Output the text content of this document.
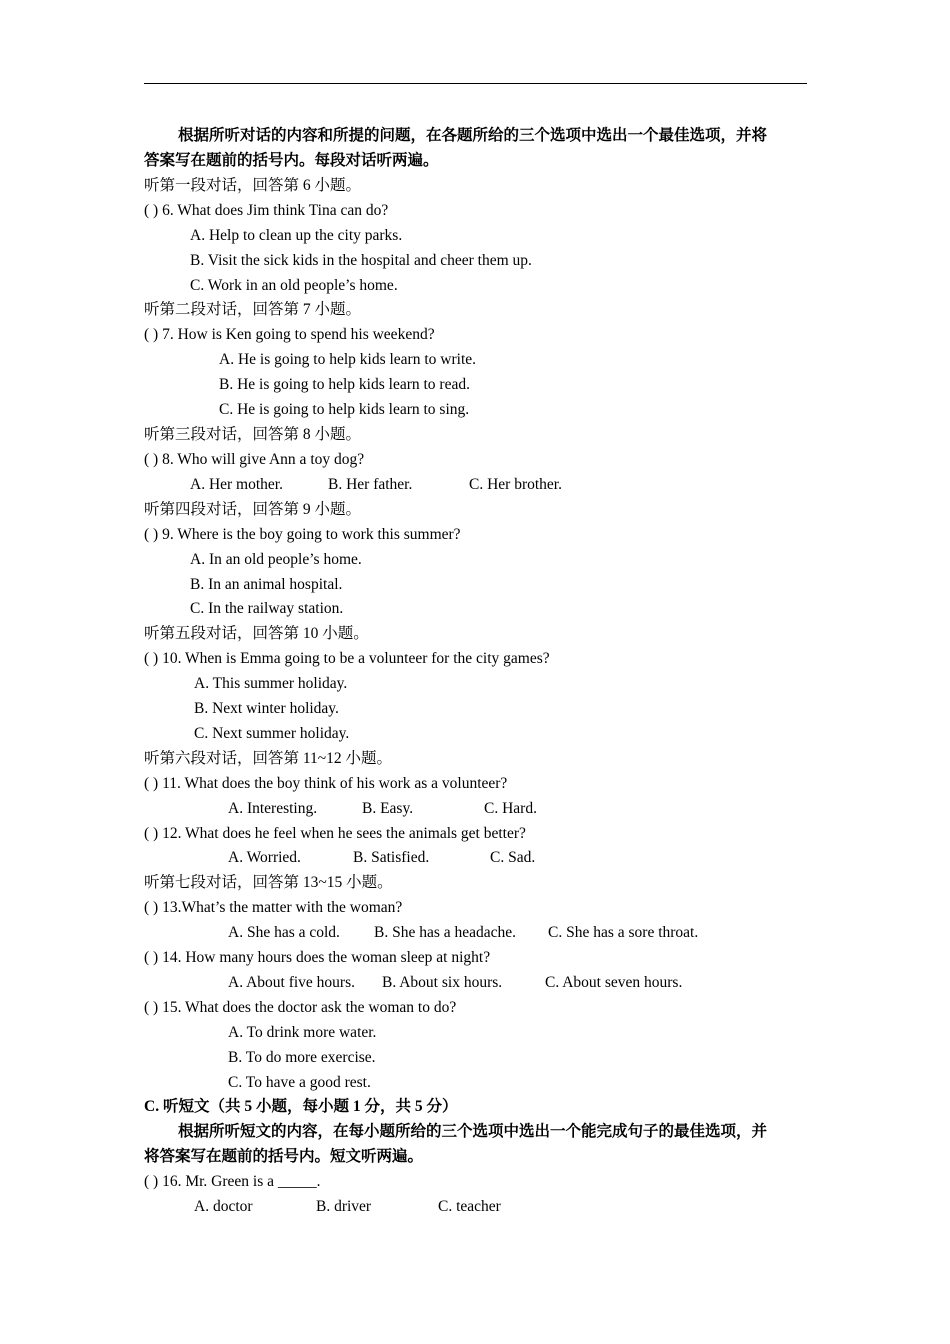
根据所听对话的内容和所提的问题，在各题所给的三个选项中选出一个最佳选项，并将
答案写在题前的括号内。每段对话听两遍。
听第一段对话，回答第 6 小题。
( ) 6. What does Jim think Tina can do?
A. Help to clean up the city parks.
B. Visit the sick kids in the hospital and cheer them up.
C. Work in an old people’s home.
听第二段对话，回答第 7 小题。
( ) 7. How is Ken going to spend his weekend?
A. He is going to help kids learn to write.
B. He is going to help kids learn to read.
C. He is going to help kids learn to sing.
听第三段对话，回答第 8 小题。
( ) 8. Who will give Ann a toy dog?
A. Her mother.	B. Her father.	C. Her brother.
听第四段对话，回答第 9 小题。
( ) 9. Where is the boy going to work this summer?
A. In an old people’s home.
B. In an animal hospital.
C. In the railway station.
听第五段对话，回答第 10 小题。
( ) 10. When is Emma going to be a volunteer for the city games?
A. This summer holiday.
B. Next winter holiday.
C. Next summer holiday.
听第六段对话，回答第 11~12 小题。
( ) 11. What does the boy think of his work as a volunteer?
A. Interesting.	B. Easy.	C. Hard.
( ) 12. What does he feel when he sees the animals get better?
A. Worried.	B. Satisfied.	C. Sad.
听第七段对话，回答第 13~15 小题。
( ) 13.What’s the matter with the woman?
A. She has a cold. B. She has a headache. C. She has a sore throat.
( ) 14. How many hours does the woman sleep at night?
A. About five hours. B. About six hours.	C. About seven hours.
( ) 15. What does the doctor ask the woman to do?
A. To drink more water.
B. To do more exercise.
C. To have a good rest.
C. 听短文（共 5 小题，每小题 1 分，共 5 分）
根据所听短文的内容，在每小题所给的三个选项中选出一个能完成句子的最佳选项，并
将答案写在题前的括号内。短文听两遍。
( ) 16. Mr. Green is a _____.
A. doctor	B. driver	C. teacher
